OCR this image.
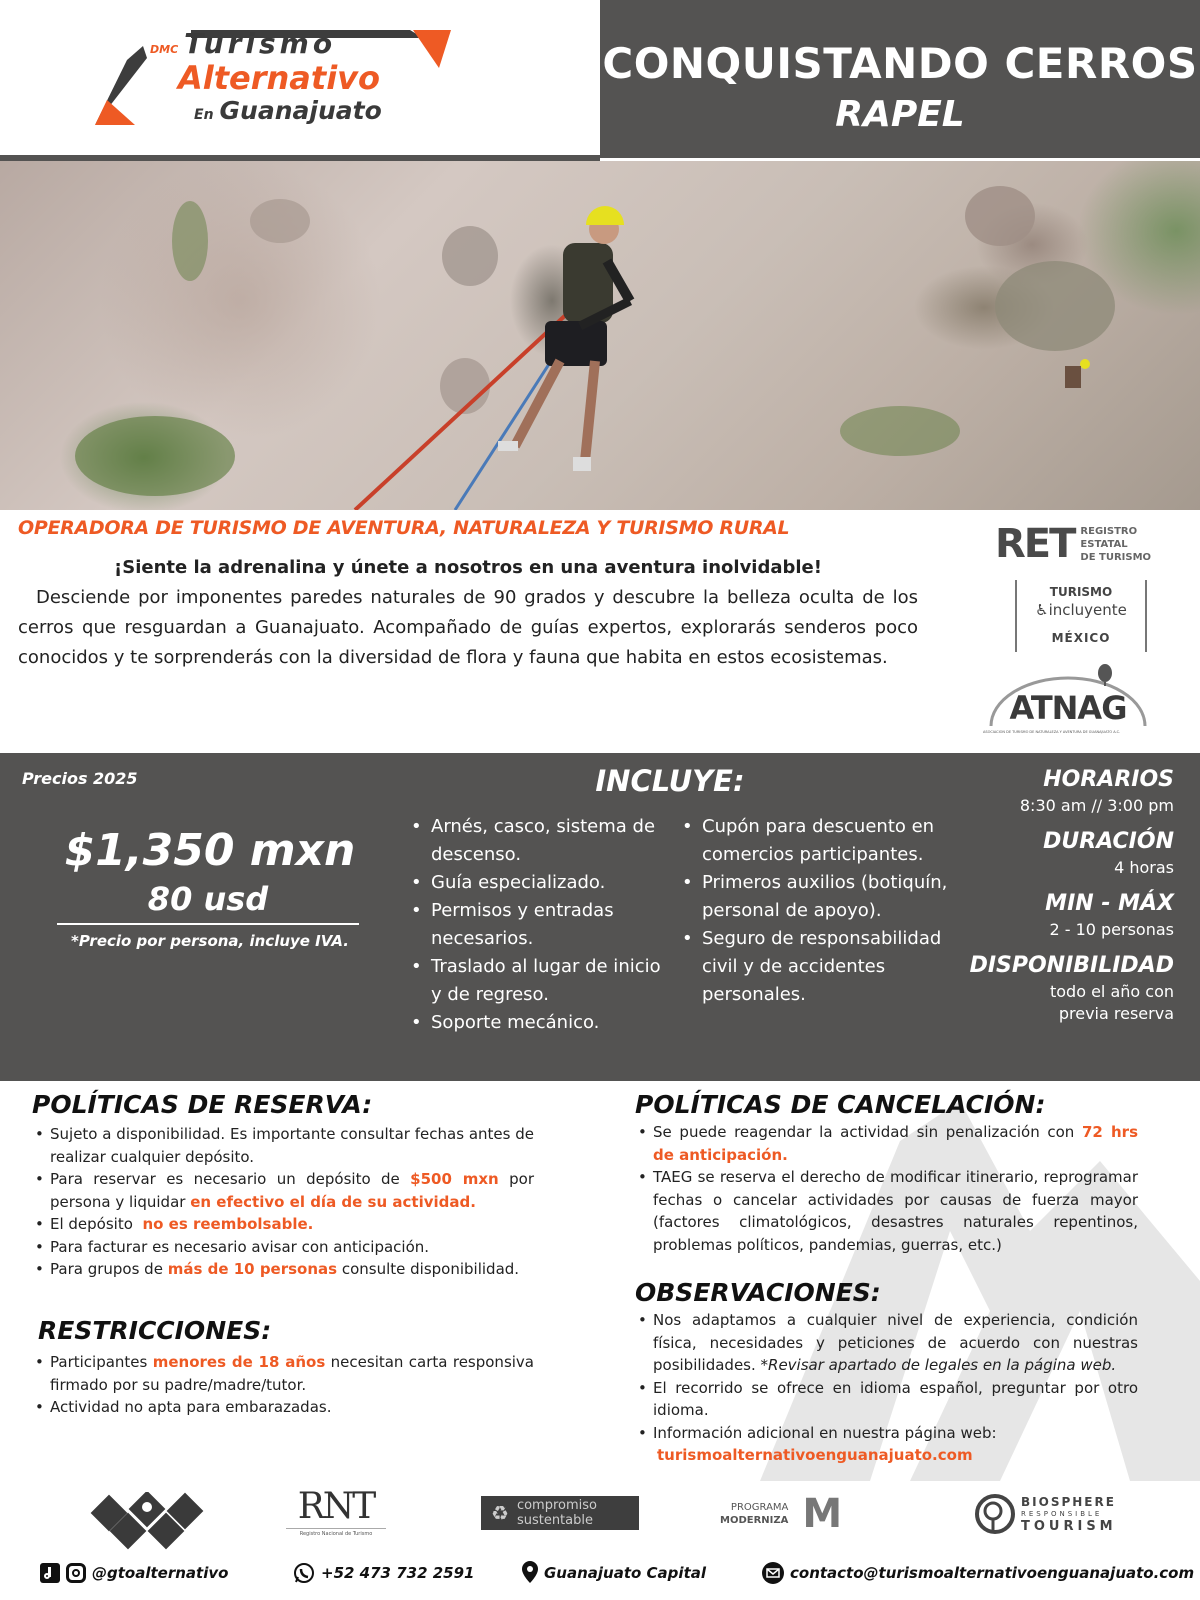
DMC Turismo
Alternativo
En Guanajuato
CONQUISTANDO CERROS
RAPEL
OPERADORA DE TURISMO DE AVENTURA, NATURALEZA Y TURISMO RURAL
¡Siente la adrenalina y únete a nosotros en una aventura inolvidable!
Desciende por imponentes paredes naturales de 90 grados y descubre la belleza oculta de los cerros que resguardan a Guanajuato. Acompañado de guías expertos, explorarás senderos poco conocidos y te sorprenderás con la diversidad de flora y fauna que habita en estos ecosistemas.
RET REGISTRO
ESTATAL
DE TURISMO
TURISMO
♿incluyente
MÉXICO
ATNAG
ASOCIACIÓN DE TURISMO DE NATURALEZA Y AVENTURA DE GUANAJUATO A.C.
Precios 2025
$1,350 mxn
80 usd
*Precio por persona, incluye IVA.
INCLUYE:
• Arnés, casco, sistema de descenso.
• Guía especializado.
• Permisos y entradas necesarios.
• Traslado al lugar de inicio y de regreso.
• Soporte mecánico.
• Cupón para descuento en comercios participantes.
• Primeros auxilios (botiquín, personal de apoyo).
• Seguro de responsabilidad civil y de accidentes personales.
HORARIOS
8:30 am // 3:00 pm
DURACIÓN
4 horas
MIN - MÁX
2 - 10 personas
DISPONIBILIDAD
todo el año con
previa reserva
POLÍTICAS DE RESERVA:
• Sujeto a disponibilidad. Es importante consultar fechas antes de realizar cualquier depósito.
• Para reservar es necesario un depósito de $500 mxn por persona y liquidar en efectivo el día de su actividad.
• El depósito  no es reembolsable.
• Para facturar es necesario avisar con anticipación.
• Para grupos de más de 10 personas consulte disponibilidad.
RESTRICCIONES:
• Participantes menores de 18 años necesitan carta responsiva firmado por su padre/madre/tutor.
• Actividad no apta para embarazadas.
POLÍTICAS DE CANCELACIÓN:
• Se puede reagendar la actividad sin penalización con 72 hrs de anticipación.
• TAEG se reserva el derecho de modificar itinerario, reprogramar fechas o cancelar actividades por causas de fuerza mayor (factores climatológicos, desastres naturales repentinos, problemas políticos, pandemias, guerras, etc.)
OBSERVACIONES:
• Nos adaptamos a cualquier nivel de experiencia, condición física, necesidades y peticiones de acuerdo con nuestras posibilidades. *Revisar apartado de legales en la página web.
• El recorrido se ofrece en idioma español, preguntar por otro idioma.
• Información adicional en nuestra página web:
turismoalternativoenguanajuato.com
RNT
Registro Nacional de Turismo
♻ compromiso
sustentable
PROGRAMA
MODERNIZA M	BIOSPHERE
RESPONSIBLE
TOURISM
@gtoalternativo	+52 473 732 2591	Guanajuato Capital	contacto@turismoalternativoenguanajuato.com
